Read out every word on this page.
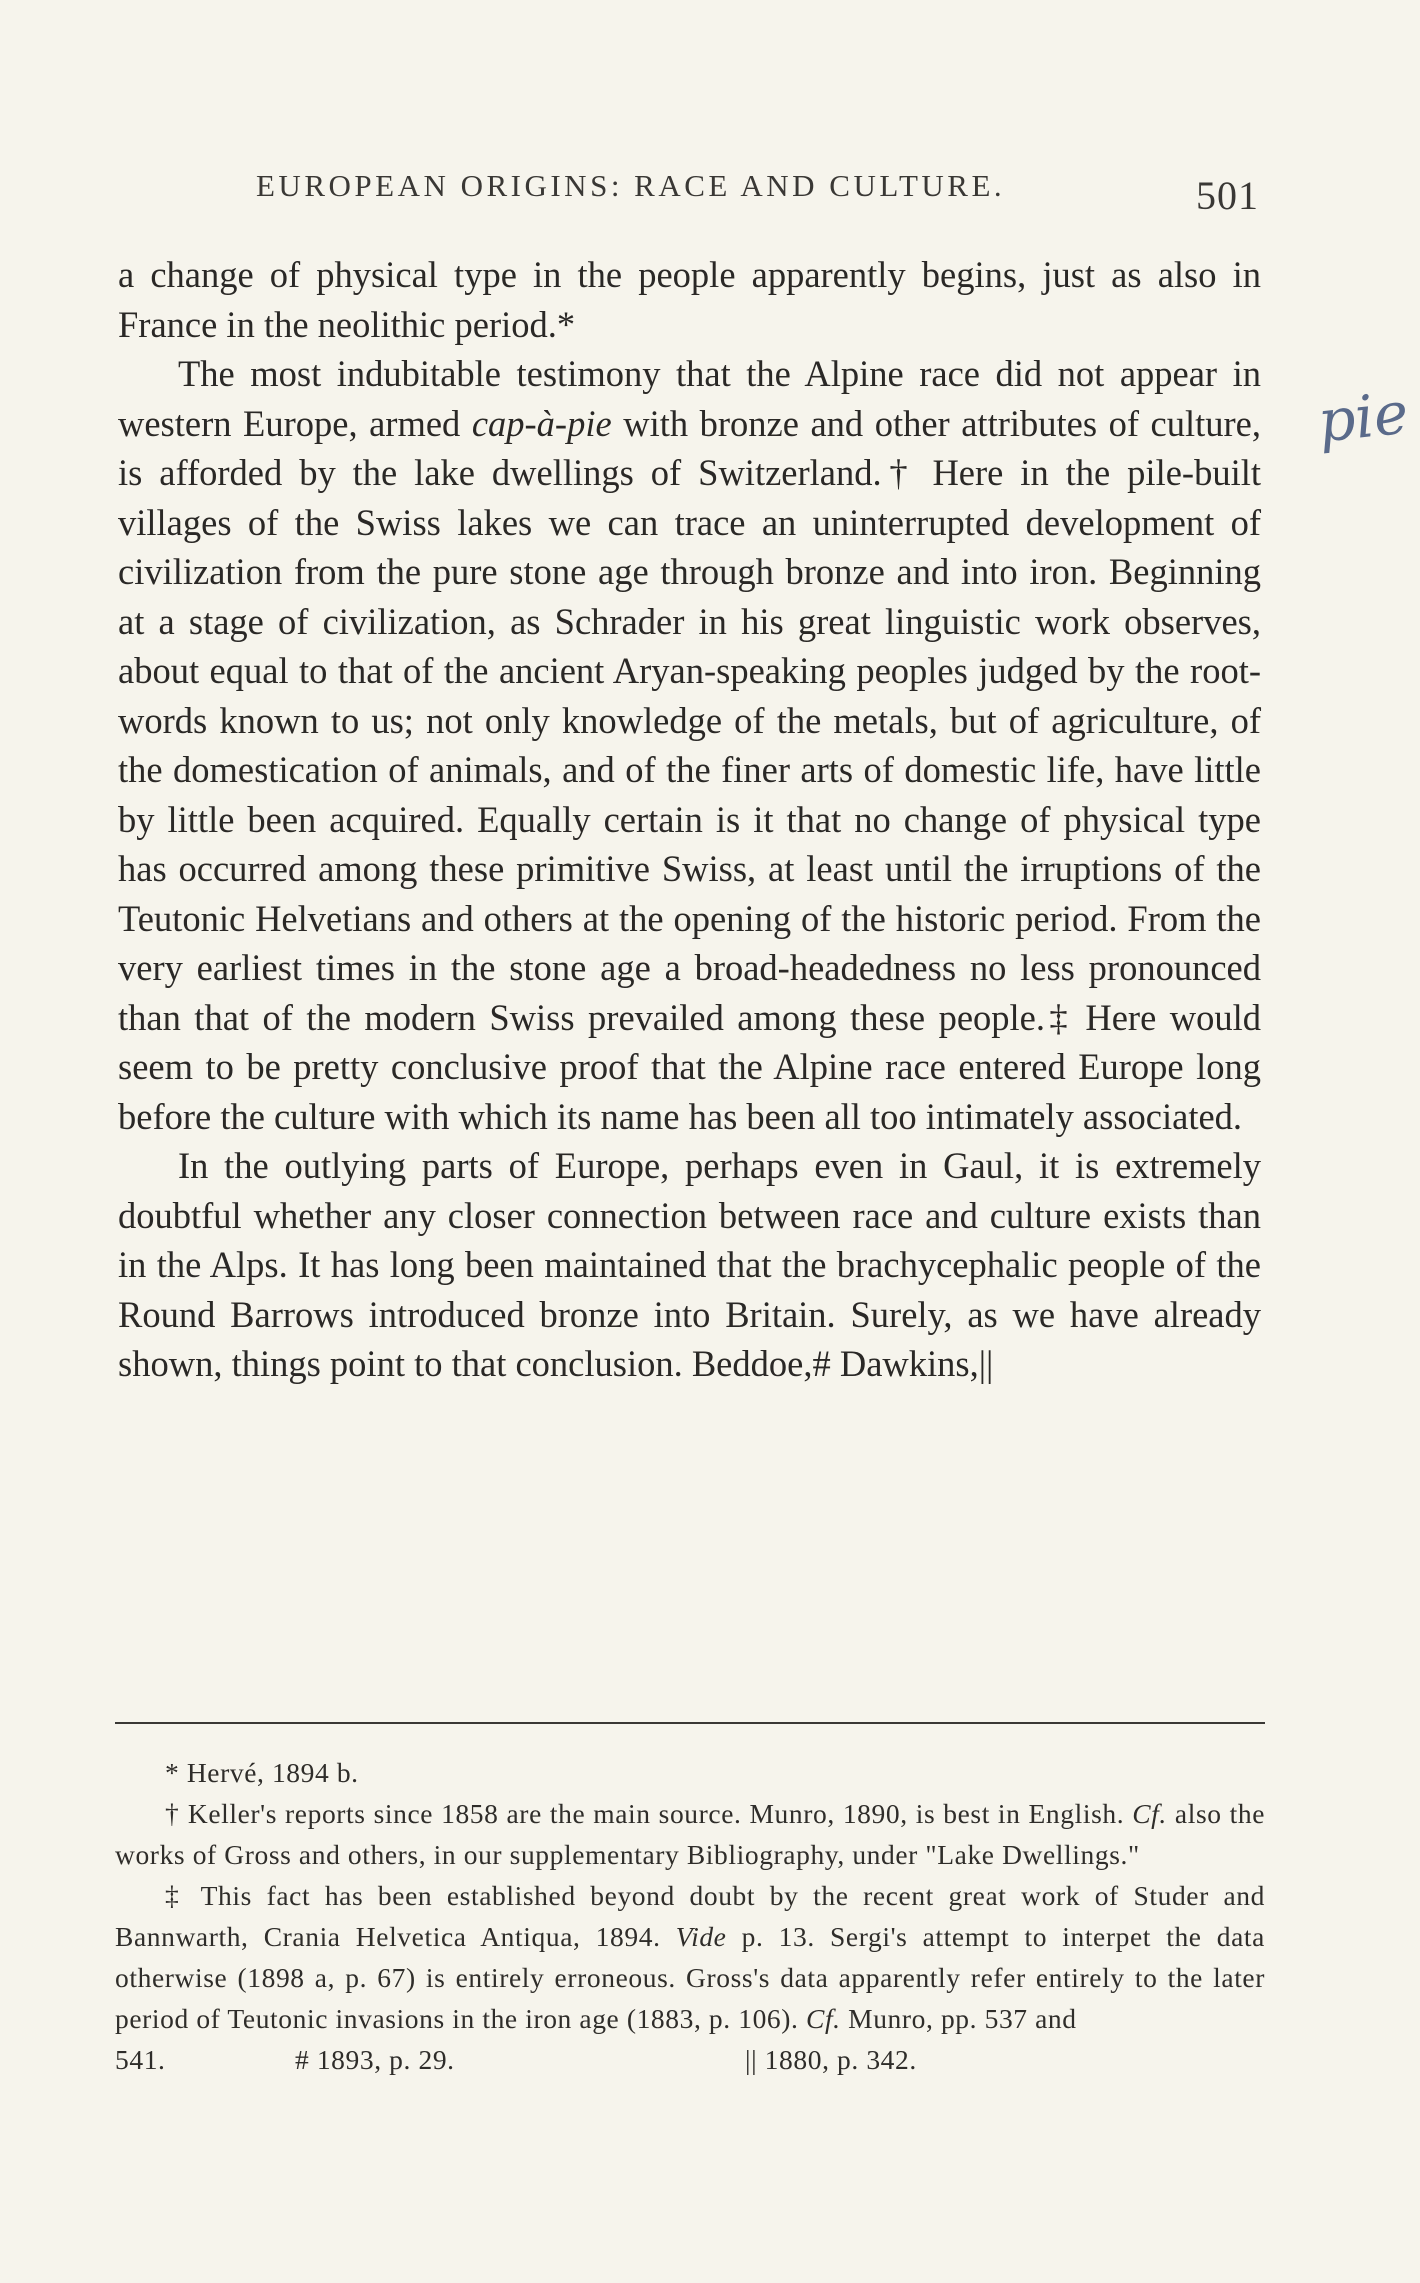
EUROPEAN ORIGINS: RACE AND CULTURE.	501
pie

a change of physical type in the people apparently begins, just as also in France in the neolithic period.*

The most indubitable testimony that the Alpine race did not appear in western Europe, armed cap-à-pie with bronze and other attributes of culture, is afforded by the lake dwellings of Switzerland.† Here in the pile-built villages of the Swiss lakes we can trace an uninterrupted development of civilization from the pure stone age through bronze and into iron. Beginning at a stage of civilization, as Schrader in his great linguistic work observes, about equal to that of the ancient Aryan-speaking peoples judged by the root-words known to us; not only knowledge of the metals, but of agriculture, of the domestication of animals, and of the finer arts of domestic life, have little by little been acquired. Equally certain is it that no change of physical type has occurred among these primitive Swiss, at least until the irruptions of the Teutonic Helvetians and others at the opening of the historic period. From the very earliest times in the stone age a broad-headedness no less pronounced than that of the modern Swiss prevailed among these people.‡ Here would seem to be pretty conclusive proof that the Alpine race entered Europe long before the culture with which its name has been all too intimately associated.

In the outlying parts of Europe, perhaps even in Gaul, it is extremely doubtful whether any closer connection between race and culture exists than in the Alps. It has long been maintained that the brachycephalic people of the Round Barrows introduced bronze into Britain. Surely, as we have already shown, things point to that conclusion. Beddoe,# Dawkins,||

* Hervé, 1894 b.

† Keller's reports since 1858 are the main source. Munro, 1890, is best in English. Cf. also the works of Gross and others, in our supplementary Bibliography, under "Lake Dwellings."

‡ This fact has been established beyond doubt by the recent great work of Studer and Bannwarth, Crania Helvetica Antiqua, 1894. Vide p. 13. Sergi's attempt to interpet the data otherwise (1898 a, p. 67) is entirely erroneous. Gross's data apparently refer entirely to the later period of Teutonic invasions in the iron age (1883, p. 106). Cf. Munro, pp. 537 and

541.	# 1893, p. 29.	|| 1880, p. 342.
